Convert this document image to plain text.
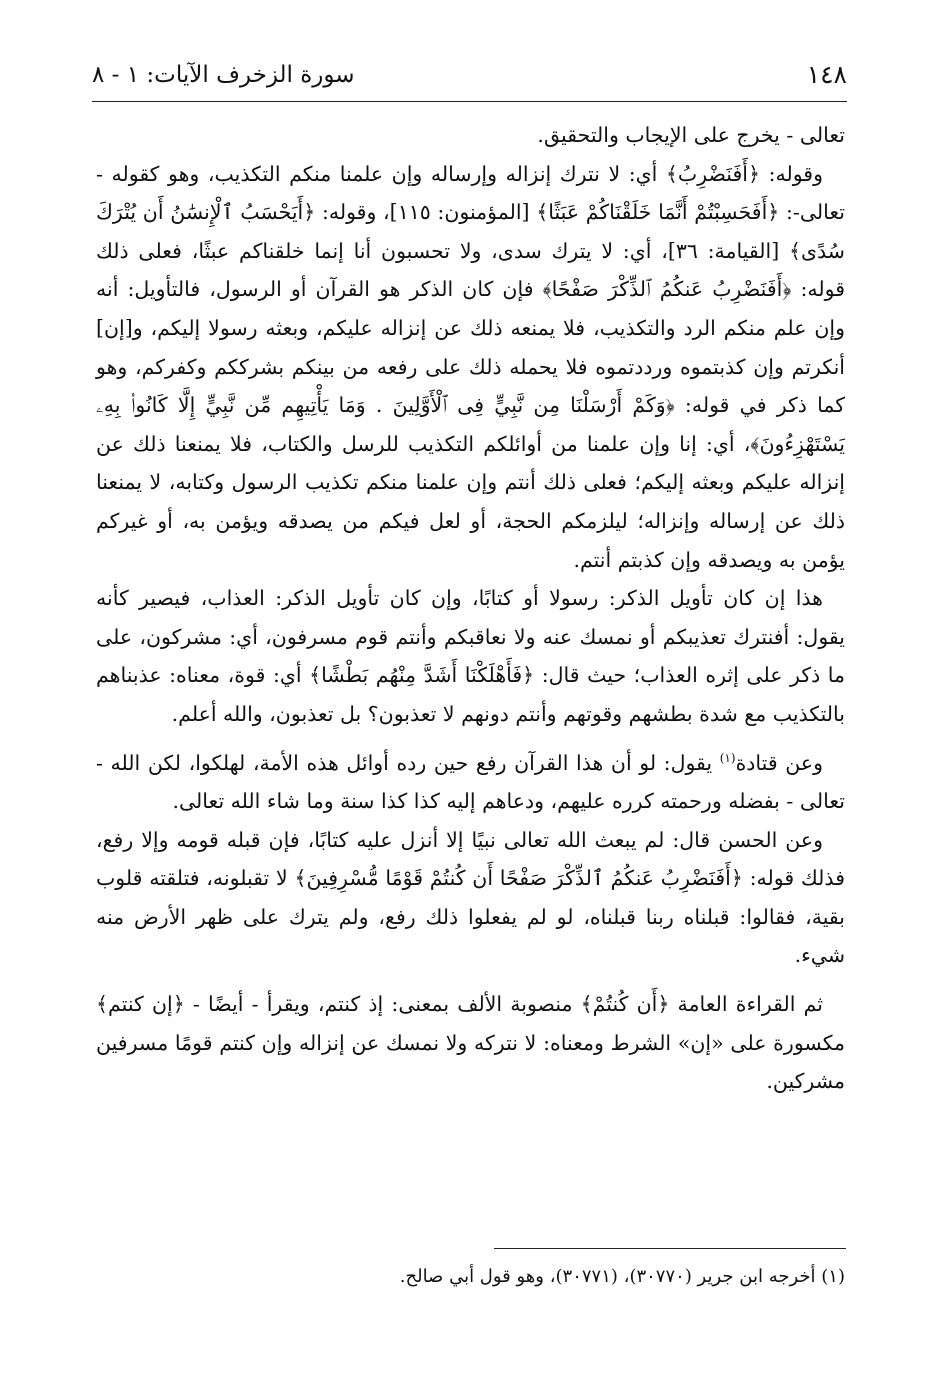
١٤٨
سورة الزخرف الآيات: ١ - ٨

تعالى - يخرج على الإيجاب والتحقيق.

وقوله: ﴿أَفَنَضْرِبُ﴾ أي: لا نترك إنزاله وإرساله وإن علمنا منكم التكذيب، وهو كقوله - تعالى-: ﴿أَفَحَسِبْتُمْ أَنَّمَا خَلَقْنَاكُمْ عَبَثًا﴾ [المؤمنون: ١١٥]، وقوله: ﴿أَيَحْسَبُ ٱلْإِنسَٰنُ أَن يُتْرَكَ سُدًى﴾ [القيامة: ٣٦]، أي: لا يترك سدى، ولا تحسبون أنا إنما خلقناكم عبثًا، فعلى ذلك قوله: ﴿أَفَنَضْرِبُ عَنكُمُ ٱلذِّكْرَ صَفْحًا﴾ فإن كان الذكر هو القرآن أو الرسول، فالتأويل: أنه وإن علم منكم الرد والتكذيب، فلا يمنعه ذلك عن إنزاله عليكم، وبعثه رسولا إليكم، و[إن] أنكرتم وإن كذبتموه ورددتموه فلا يحمله ذلك على رفعه من بينكم بشرككم وكفركم، وهو كما ذكر في قوله: ﴿وَكَمْ أَرْسَلْنَا مِن نَّبِيٍّ فِى ٱلْأَوَّلِينَ . وَمَا يَأْتِيهِم مِّن نَّبِيٍّ إِلَّا كَانُوا۟ بِهِۦ يَسْتَهْزِءُونَ﴾، أي: إنا وإن علمنا من أوائلكم التكذيب للرسل والكتاب، فلا يمنعنا ذلك عن إنزاله عليكم وبعثه إليكم؛ فعلى ذلك أنتم وإن علمنا منكم تكذيب الرسول وكتابه، لا يمنعنا ذلك عن إرساله وإنزاله؛ ليلزمكم الحجة، أو لعل فيكم من يصدقه ويؤمن به، أو غيركم يؤمن به ويصدقه وإن كذبتم أنتم.

هذا إن كان تأويل الذكر: رسولا أو كتابًا، وإن كان تأويل الذكر: العذاب، فيصير كأنه يقول: أفنترك تعذيبكم أو نمسك عنه ولا نعاقبكم وأنتم قوم مسرفون، أي: مشركون، على ما ذكر على إثره العذاب؛ حيث قال: ﴿فَأَهْلَكْنَا أَشَدَّ مِنْهُم بَطْشًا﴾ أي: قوة، معناه: عذبناهم بالتكذيب مع شدة بطشهم وقوتهم وأنتم دونهم لا تعذبون؟ بل تعذبون، والله أعلم.

وعن قتادة$^{(١)}$ يقول: لو أن هذا القرآن رفع حين رده أوائل هذه الأمة، لهلكوا، لكن الله - تعالى - بفضله ورحمته كرره عليهم، ودعاهم إليه كذا كذا سنة وما شاء الله تعالى.

وعن الحسن قال: لم يبعث الله تعالى نبيًا إلا أنزل عليه كتابًا، فإن قبله قومه وإلا رفع، فذلك قوله: ﴿أَفَنَضْرِبُ عَنكُمُ ٱلذِّكْرَ صَفْحًا أَن كُنتُمْ قَوْمًا مُّسْرِفِينَ﴾ لا تقبلونه، فتلقته قلوب بقية، فقالوا: قبلناه ربنا قبلناه، لو لم يفعلوا ذلك رفع، ولم يترك على ظهر الأرض منه شيء.

ثم القراءة العامة ﴿أَن كُنتُمْ﴾ منصوبة الألف بمعنى: إذ كنتم، ويقرأ - أيضًا - ﴿إن كنتم﴾ مكسورة على «إن» الشرط ومعناه: لا نتركه ولا نمسك عن إنزاله وإن كنتم قومًا مسرفين مشركين.

(١) أخرجه ابن جرير (٣٠٧٧٠)، (٣٠٧٧١)، وهو قول أبي صالح.
